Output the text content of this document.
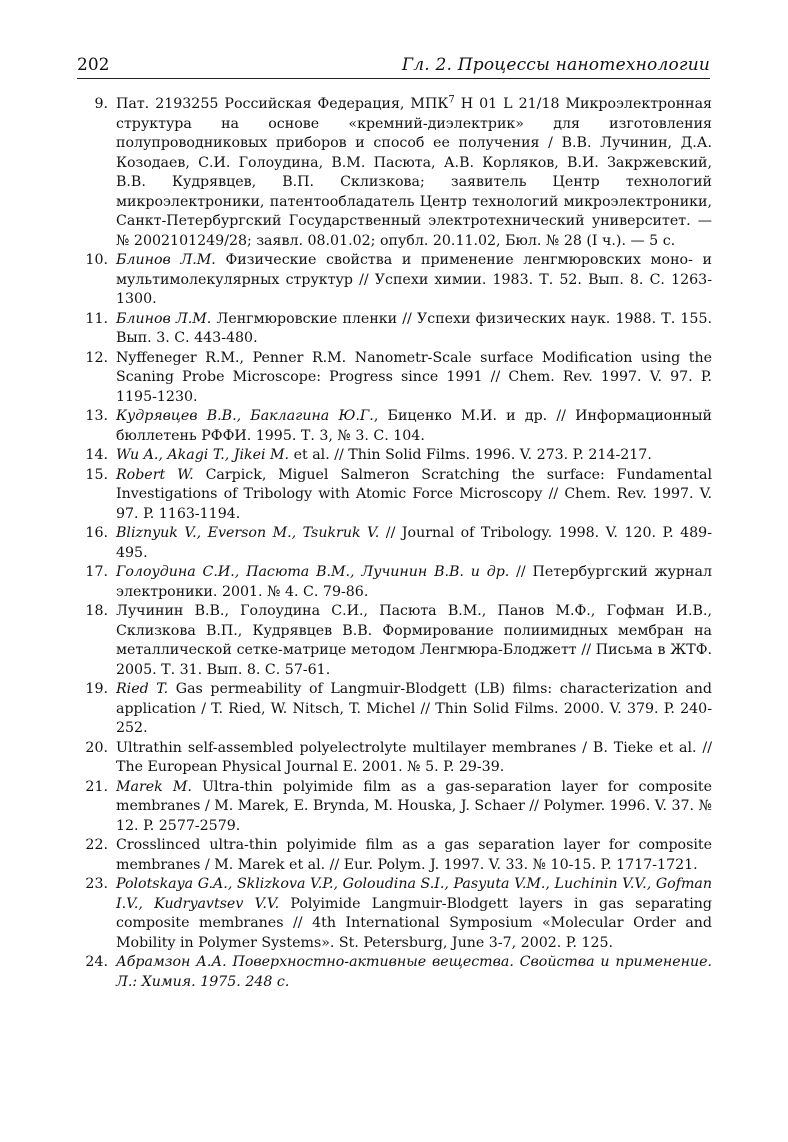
202	Гл. 2. Процессы нанотехнологии

9. Пат. 2193255 Российская Федерация, МПК$^7$ H 01 L 21/18 Микроэлектронная структура на основе «кремний-диэлектрик» для изготовления полупроводниковых приборов и способ ее получения / В.В. Лучинин, Д.А. Козодаев, С.И. Голоудина, В.М. Пасюта, А.В. Корляков, В.И. Закржевский, В.В. Кудрявцев, В.П. Склизкова; заявитель Центр технологий микроэлектроники, патентообладатель Центр технологий микроэлектроники, Санкт-Петербургский Государственный электротехнический университет. — № 2002101249/28; заявл. 08.01.02; опубл. 20.11.02, Бюл. № 28 (I ч.). — 5 с.

10. Блинов Л.М. Физические свойства и применение ленгмюровских моно- и мультимолекулярных структур // Успехи химии. 1983. Т. 52. Вып. 8. С. 1263-1300.

11. Блинов Л.М. Ленгмюровские пленки // Успехи физических наук. 1988. Т. 155. Вып. 3. С. 443-480.

12. Nyffeneger R.M., Penner R.M. Nanometr-Scale surface Modification using the Scaning Probe Microscope: Progress since 1991 // Chem. Rev. 1997. V. 97. P. 1195-1230.

13. Кудрявцев В.В., Баклагина Ю.Г., Биценко М.И. и др. // Информационный бюллетень РФФИ. 1995. Т. 3, № 3. С. 104.

14. Wu A., Akagi T., Jikei M. et al. // Thin Solid Films. 1996. V. 273. P. 214-217.

15. Robert W. Carpick, Miguel Salmeron Scratching the surface: Fundamental Investigations of Tribology with Atomic Force Microscopy // Chem. Rev. 1997. V. 97. P. 1163-1194.

16. Bliznyuk V., Everson M., Tsukruk V. // Journal of Tribology. 1998. V. 120. P. 489-495.

17. Голоудина С.И., Пасюта В.М., Лучинин В.В. и др. // Петербургский журнал электроники. 2001. № 4. С. 79-86.

18. Лучинин В.В., Голоудина С.И., Пасюта В.М., Панов М.Ф., Гофман И.В., Склизкова В.П., Кудрявцев В.В. Формирование полиимидных мембран на металлической сетке-матрице методом Ленгмюра-Блоджетт // Письма в ЖТФ. 2005. Т. 31. Вып. 8. С. 57-61.

19. Ried T. Gas permeability of Langmuir-Blodgett (LB) films: characterization and application / T. Ried, W. Nitsch, T. Michel // Thin Solid Films. 2000. V. 379. P. 240-252.

20. Ultrathin self-assembled polyelectrolyte multilayer membranes / B. Tieke et al. // The European Physical Journal E. 2001. № 5. P. 29-39.

21. Marek M. Ultra-thin polyimide film as a gas-separation layer for composite membranes / M. Marek, E. Brynda, M. Houska, J. Schaer // Polymer. 1996. V. 37. № 12. P. 2577-2579.

22. Crosslinced ultra-thin polyimide film as a gas separation layer for composite membranes / M. Marek et al. // Eur. Polym. J. 1997. V. 33. № 10-15. P. 1717-1721.

23. Polotskaya G.A., Sklizkova V.P., Goloudina S.I., Pasyuta V.M., Luchinin V.V., Gofman I.V., Kudryavtsev V.V. Polyimide Langmuir-Blodgett layers in gas separating composite membranes // 4th International Symposium «Molecular Order and Mobility in Polymer Systems». St. Petersburg, June 3-7, 2002. P. 125.

24. Абрамзон А.А. Поверхностно-активные вещества. Свойства и применение. Л.: Химия. 1975. 248 с.
